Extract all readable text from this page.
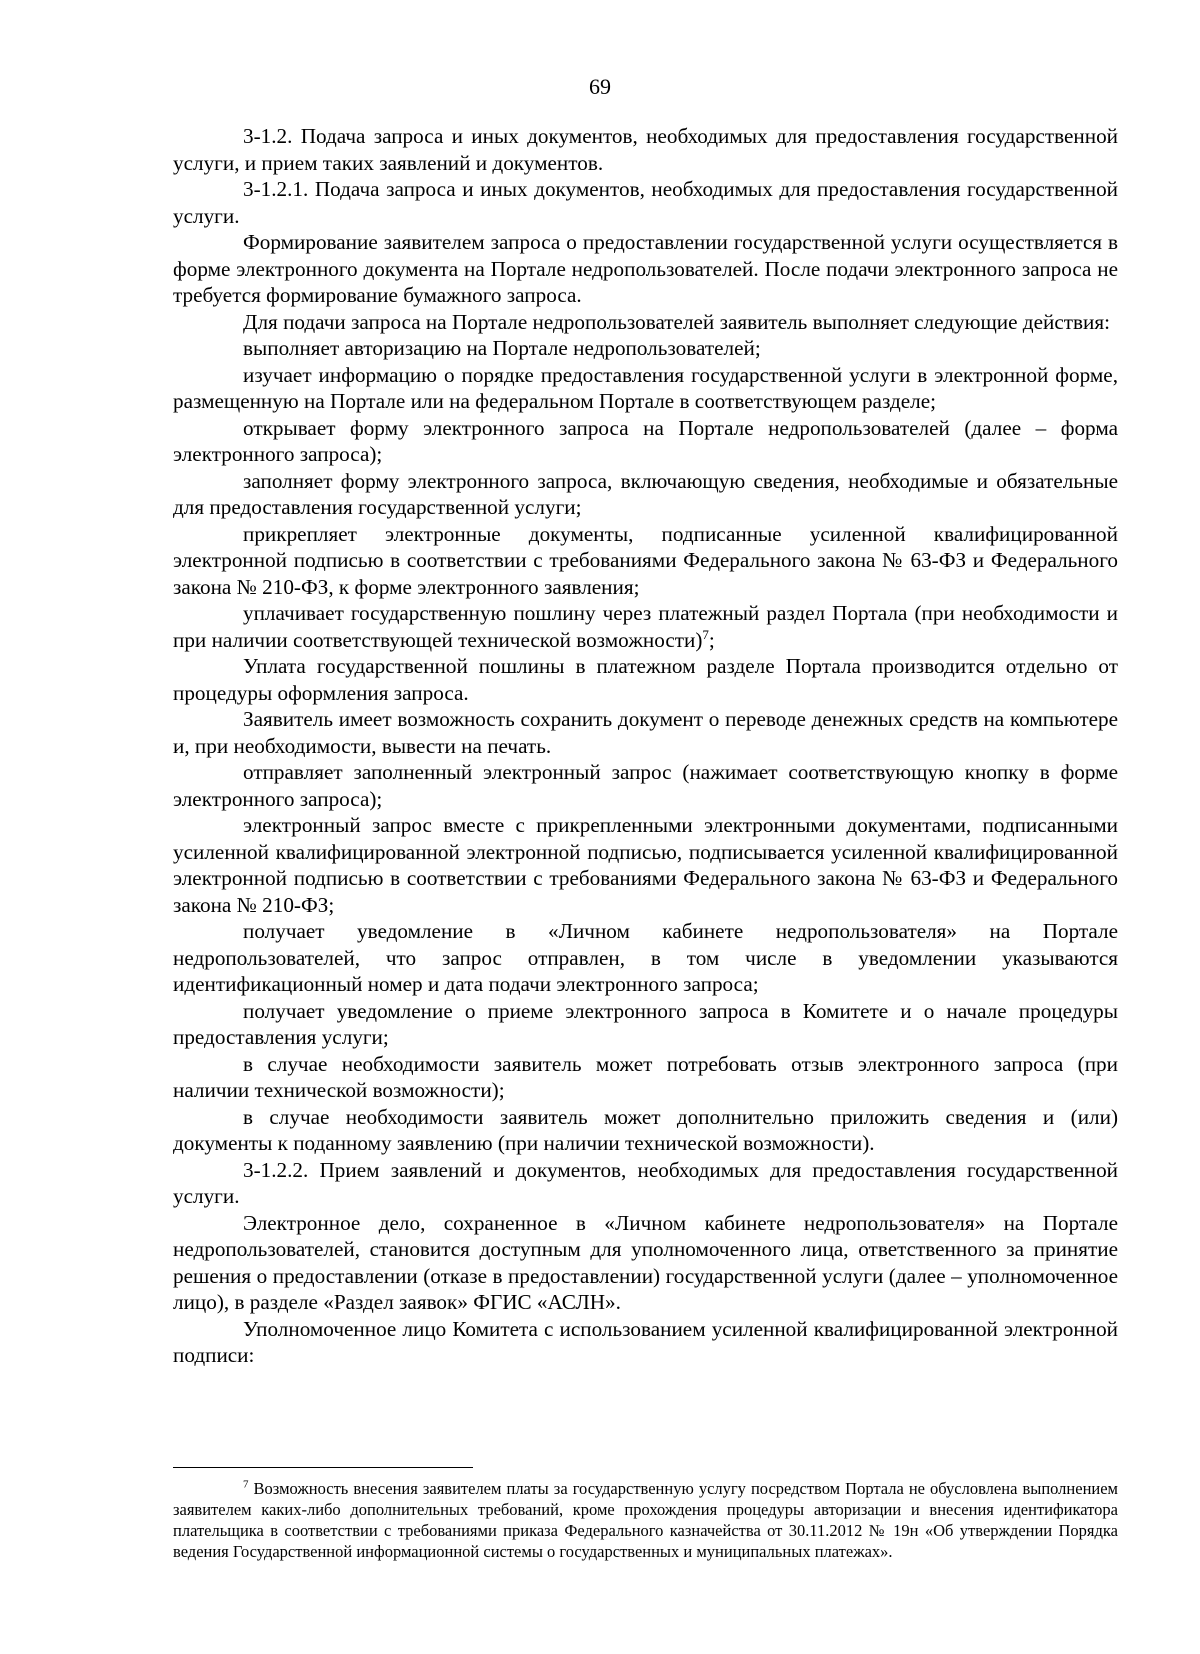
69

3-1.2. Подача запроса и иных документов, необходимых для предоставления государственной услуги, и прием таких заявлений и документов.

3-1.2.1. Подача запроса и иных документов, необходимых для предоставления государственной услуги.

Формирование заявителем запроса о предоставлении государственной услуги осуществляется в форме электронного документа на Портале недропользователей. После подачи электронного запроса не требуется формирование бумажного запроса.

Для подачи запроса на Портале недропользователей заявитель выполняет следующие действия:

выполняет авторизацию на Портале недропользователей;

изучает информацию о порядке предоставления государственной услуги в электронной форме, размещенную на Портале или на федеральном Портале в соответствующем разделе;

открывает форму электронного запроса на Портале недропользователей (далее – форма электронного запроса);

заполняет форму электронного запроса, включающую сведения, необходимые и обязательные для предоставления государственной услуги;

прикрепляет электронные документы, подписанные усиленной квалифицированной электронной подписью в соответствии с требованиями Федерального закона № 63-ФЗ и Федерального закона № 210-ФЗ, к форме электронного заявления;

уплачивает государственную пошлину через платежный раздел Портала (при необходимости и при наличии соответствующей технической возможности)$^7$;

Уплата государственной пошлины в платежном разделе Портала производится отдельно от процедуры оформления запроса.

Заявитель имеет возможность сохранить документ о переводе денежных средств на компьютере и, при необходимости, вывести на печать.

отправляет заполненный электронный запрос (нажимает соответствующую кнопку в форме электронного запроса);

электронный запрос вместе с прикрепленными электронными документами, подписанными усиленной квалифицированной электронной подписью, подписывается усиленной квалифицированной электронной подписью в соответствии с требованиями Федерального закона № 63-ФЗ и Федерального закона № 210-ФЗ;

получает уведомление в «Личном кабинете недропользователя» на Портале недропользователей, что запрос отправлен, в том числе в уведомлении указываются идентификационный номер и дата подачи электронного запроса;

получает уведомление о приеме электронного запроса в Комитете и о начале процедуры предоставления услуги;

в случае необходимости заявитель может потребовать отзыв электронного запроса (при наличии технической возможности);

в случае необходимости заявитель может дополнительно приложить сведения и (или) документы к поданному заявлению (при наличии технической возможности).

3-1.2.2. Прием заявлений и документов, необходимых для предоставления государственной услуги.

Электронное дело, сохраненное в «Личном кабинете недропользователя» на Портале недропользователей, становится доступным для уполномоченного лица, ответственного за принятие решения о предоставлении (отказе в предоставлении) государственной услуги (далее – уполномоченное лицо), в разделе «Раздел заявок» ФГИС «АСЛН».

Уполномоченное лицо Комитета с использованием усиленной квалифицированной электронной подписи:

$^7$ Возможность внесения заявителем платы за государственную услугу посредством Портала не обусловлена выполнением заявителем каких-либо дополнительных требований, кроме прохождения процедуры авторизации и внесения идентификатора плательщика в соответствии с требованиями приказа Федерального казначейства от 30.11.2012 № 19н «Об утверждении Порядка ведения Государственной информационной системы о государственных и муниципальных платежах».
